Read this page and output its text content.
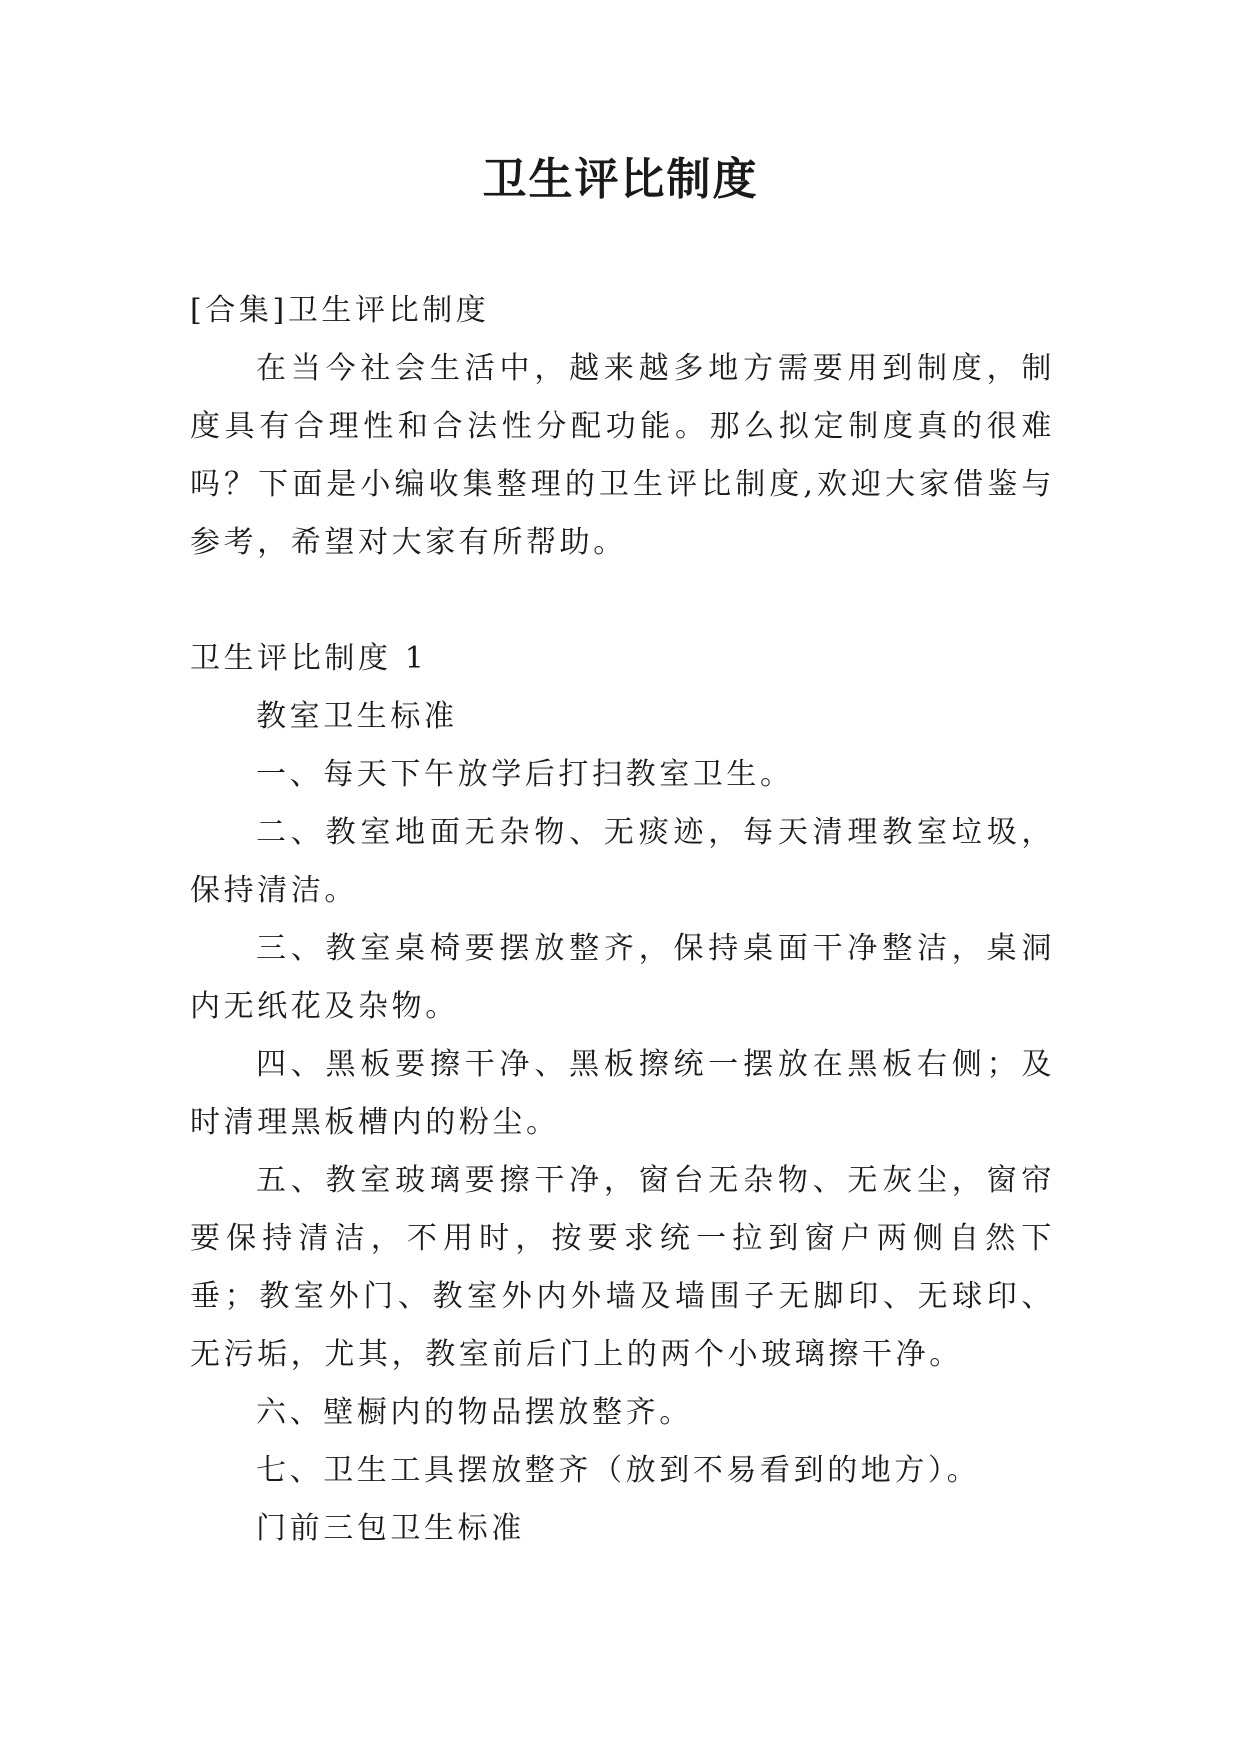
卫生评比制度

[合集]卫生评比制度

在当今社会生活中，越来越多地方需要用到制度，制度具有合理性和合法性分配功能。那么拟定制度真的很难吗？下面是小编收集整理的卫生评比制度,欢迎大家借鉴与参考，希望对大家有所帮助。

卫生评比制度 1

教室卫生标准

一、每天下午放学后打扫教室卫生。

二、教室地面无杂物、无痰迹，每天清理教室垃圾，保持清洁。

三、教室桌椅要摆放整齐，保持桌面干净整洁，桌洞内无纸花及杂物。

四、黑板要擦干净、黑板擦统一摆放在黑板右侧；及时清理黑板槽内的粉尘。

五、教室玻璃要擦干净，窗台无杂物、无灰尘，窗帘要保持清洁，不用时，按要求统一拉到窗户两侧自然下垂；教室外门、教室外内外墙及墙围子无脚印、无球印、无污垢，尤其，教室前后门上的两个小玻璃擦干净。

六、壁橱内的物品摆放整齐。

七、卫生工具摆放整齐（放到不易看到的地方）。

门前三包卫生标准
